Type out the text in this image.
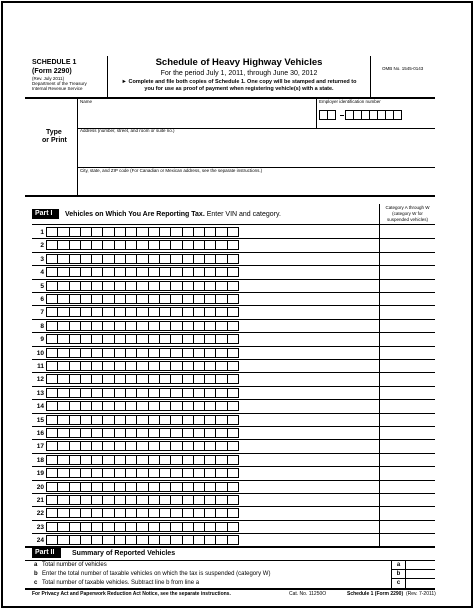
SCHEDULE 1
(Form 2290)
(Rev. July 2011)
Department of the Treasury
Internal Revenue Service
Schedule of Heavy Highway Vehicles
For the period July 1, 2011, through June 30, 2012
► Complete and file both copies of Schedule 1. One copy will be stamped and returned to
you for use as proof of payment when registering vehicle(s) with a state.
OMB No. 1545-0143
Type
or Print
Name	Employer identification number
Address (number, street, and room or suite no.)
City, state, and ZIP code (For Canadian or Mexican address, see the separate instructions.)
Part I	Vehicles on Which You Are Reporting Tax. Enter VIN and category.
Category A through W
(category W for
suspended vehicles)
1
2
3
4
5
6
7
8
9
10
11
12
13
14
15
16
17
18
19
20
21
22
23
24
Part II	Summary of Reported Vehicles
a Total number of vehicles
b Enter the total number of taxable vehicles on which the tax is suspended (category W)
c Total number of taxable vehicles. Subtract line b from line a
a
b
c
For Privacy Act and Paperwork Reduction Act Notice, see the separate instructions.	Cat. No. 11250O	Schedule 1 (Form 2290) (Rev. 7-2011)
